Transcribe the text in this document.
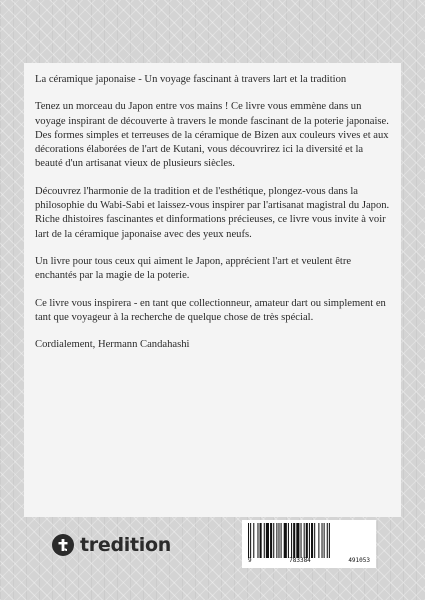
La céramique japonaise - Un voyage fascinant à travers lart et la tradition

Tenez un morceau du Japon entre vos mains ! Ce livre vous emmène dans un voyage inspirant de découverte à travers le monde fascinant de la poterie japonaise. Des formes simples et terreuses de la céramique de Bizen aux couleurs vives et aux décorations élaborées de l'art de Kutani, vous découvrirez ici la diversité et la beauté d'un artisanat vieux de plusieurs siècles.

Découvrez l'harmonie de la tradition et de l'esthétique, plongez-vous dans la philosophie du Wabi-Sabi et laissez-vous inspirer par l'artisanat magistral du Japon. Riche dhistoires fascinantes et dinformations précieuses, ce livre vous invite à voir lart de la céramique japonaise avec des yeux neufs.

Un livre pour tous ceux qui aiment le Japon, apprécient l'art et veulent être enchantés par la magie de la poterie.

Ce livre vous inspirera - en tant que collectionneur, amateur dart ou simplement en tant que voyageur à la recherche de quelque chose de très spécial.

Cordialement, Hermann Candahashi

tredition
9	783384	491053
